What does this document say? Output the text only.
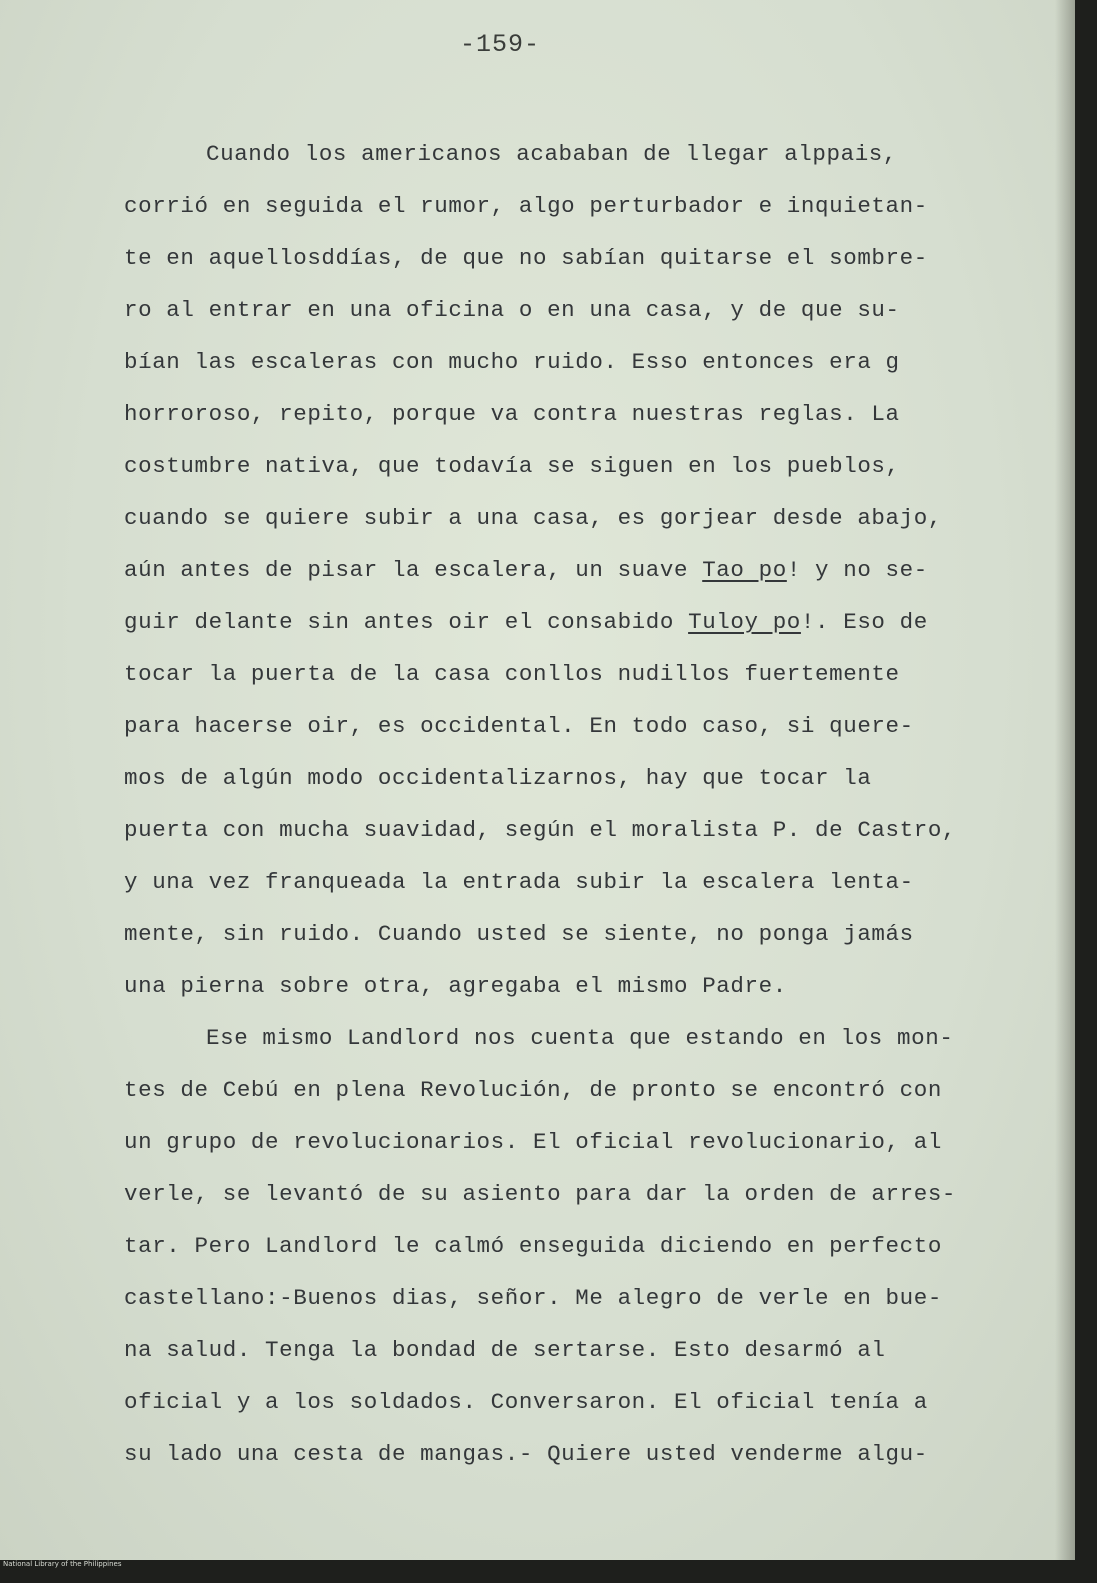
-159-
Cuando los americanos acababan de llegar alppais,
corrió en seguida el rumor, algo perturbador e inquietan-
te en aquellosddías, de que no sabían quitarse el sombre-
ro al entrar en una oficina o en una casa, y de que su-
bían las escaleras con mucho ruido. Esso entonces era g
horroroso, repito, porque va contra nuestras reglas. La
costumbre nativa, que todavía se siguen en los pueblos,
cuando se quiere subir a una casa, es gorjear desde abajo,
aún antes de pisar la escalera, un suave Tao po! y no se-
guir delante sin antes oir el consabido Tuloy po!. Eso de
tocar la puerta de la casa conllos nudillos fuertemente
para hacerse oir, es occidental. En todo caso, si quere-
mos de algún modo occidentalizarnos, hay que tocar la
puerta con mucha suavidad, según el moralista P. de Castro,
y una vez franqueada la entrada subir la escalera lenta-
mente, sin ruido. Cuando usted se siente, no ponga jamás
una pierna sobre otra, agregaba el mismo Padre.
Ese mismo Landlord nos cuenta que estando en los mon-
tes de Cebú en plena Revolución, de pronto se encontró con
un grupo de revolucionarios. El oficial revolucionario, al
verle, se levantó de su asiento para dar la orden de arres-
tar. Pero Landlord le calmó enseguida diciendo en perfecto
castellano:-Buenos dias, señor. Me alegro de verle en bue-
na salud. Tenga la bondad de sertarse. Esto desarmó al
oficial y a los soldados. Conversaron. El oficial tenía a
su lado una cesta de mangas.- Quiere usted venderme algu-
National Library of the Philippines
